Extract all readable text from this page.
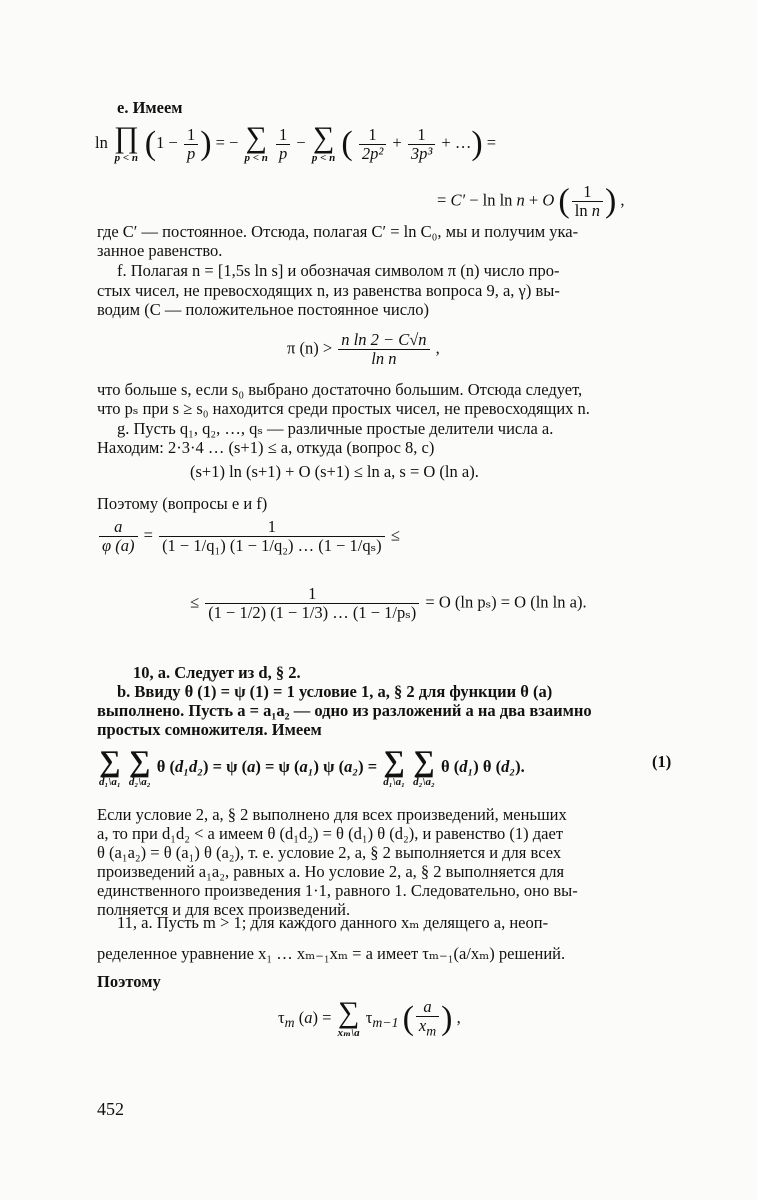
e. Имеем
ln ∏
p < n ($1 - \frac{1}{p}$ ) = − ∑
p < n
$\frac{1}{p}$ − ∑
p < n ( $\frac{1}{\text{2p²}} + \frac{1}{\text{3p³}}$ + …) =
= C′ − ln ln n + O ( $\frac{1}{\text{ln n}}$ ) ,
где C′ — постоянное. Отсюда, полагая C′ = ln C₀, мы и получим ука-
занное равенство.
f. Полагая n = [1,5s ln s] и обозначая символом π (n) число про-
стых чисел, не превосходящих n, из равенства вопроса 9, a, γ) вы-
водим (C — положительное постоянное число)
π $(n) > \frac{\text{n ln 2 − C√n}}{\text{ln n}}$ ,
что больше s, если s₀ выбрано достаточно большим. Отсюда следует,
что pₛ при s ≥ s₀ находится среди простых чисел, не превосходящих n.
g. Пусть q₁, q₂, …, qₛ — различные простые делители числа a.
Находим: 2·3·4 … (s+1) ≤ a, откуда (вопрос 8, c)
(s+1) ln (s+1) + O (s+1) ≤ ln a, s = O (ln a).
Поэтому (вопросы e и f)
$\frac{a}{\varphi (a)} = \frac{1}{\text{(1 − 1/q₁) (1 − 1/q₂) … (1 − 1/qₛ)}}$ ≤
≤ $\frac{1}{\text{(1 − 1/2) (1 − 1/3) … (1 − 1/pₛ)}} = O$ (ln pₛ) = O (ln ln a).
10, a. Следует из d, § 2.
b. Ввиду θ (1) = ψ (1) = 1 условие 1, a, § 2 для функции θ (a)
выполнено. Пусть a = a₁a₂ — одно из разложений a на два взаимно
простых сомножителя. Имеем
∑
d₁\a₁

∑
d₂\a₂
θ (d₁d₂) = ψ (a) = ψ (a₁) ψ (a₂) = ∑
d₁\a₁

∑
d₂\a₂
θ (d₁) θ (d₂).	(1)
Если условие 2, a, § 2 выполнено для всех произведений, меньших
a, то при d₁d₂ < a имеем θ (d₁d₂) = θ (d₁) θ (d₂), и равенство (1) дает
θ (a₁a₂) = θ (a₁) θ (a₂), т. е. условие 2, a, § 2 выполняется и для всех
произведений a₁a₂, равных a. Но условие 2, a, § 2 выполняется для
единственного произведения 1·1, равного 1. Следовательно, оно вы-
полняется и для всех произведений.
11, a. Пусть m > 1; для каждого данного xₘ делящего a, неоп-
ределенное уравнение x₁ … xₘ₋₁xₘ = a имеет τₘ₋₁(a/xₘ) решений.
Поэтому
$\tau_m$ (a) = ∑
xₘ\a
$\tau_{m-1}$ ( $\frac{a}{x_m}$ ) ,
452
